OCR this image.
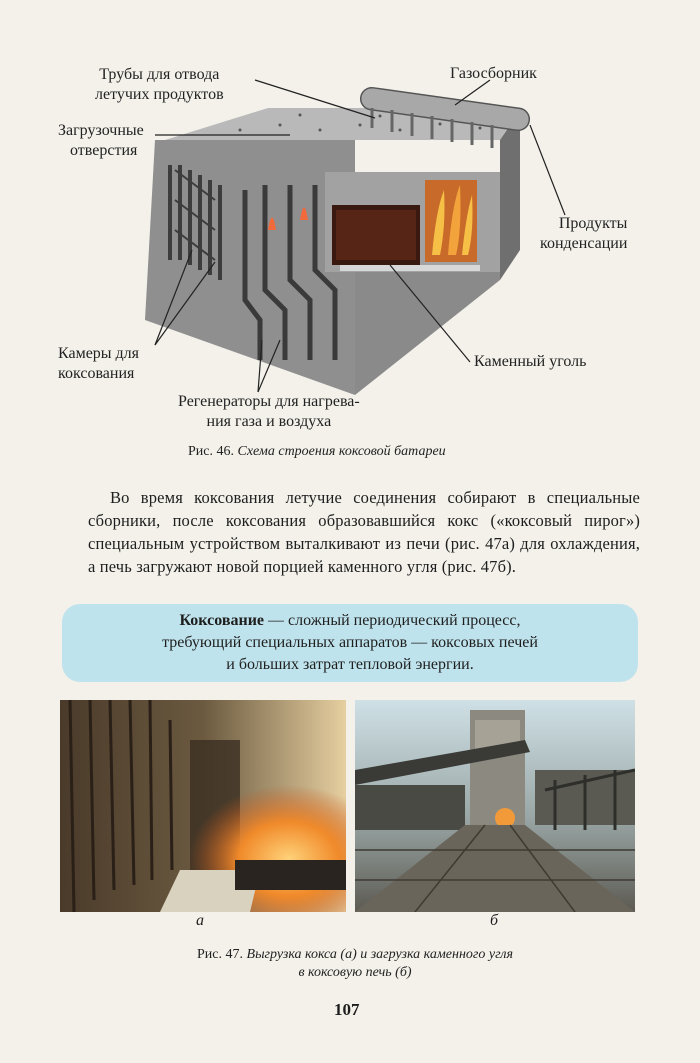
Трубы для отвода
летучих продуктов
Газосборник
Загрузочные
отверстия
Продукты
конденсации
Камеры для
коксования
Каменный уголь
Регенераторы для нагрева-
ния газа и воздуха
Рис. 46. Схема строения коксовой батареи
Во время коксования летучие соединения собирают в специальные сборники, после коксования образовавшийся кокс («коксовый пирог») специальным устройством выталкивают из печи (рис. 47а) для охлаждения, а печь загружают новой порцией каменного угля (рис. 47б).
Коксование — сложный периодический процесс,
требующий специальных аппаратов — коксовых печей
и больших затрат тепловой энергии.
а	б
Рис. 47. Выгрузка кокса (а) и загрузка каменного угля
в коксовую печь (б)
107
